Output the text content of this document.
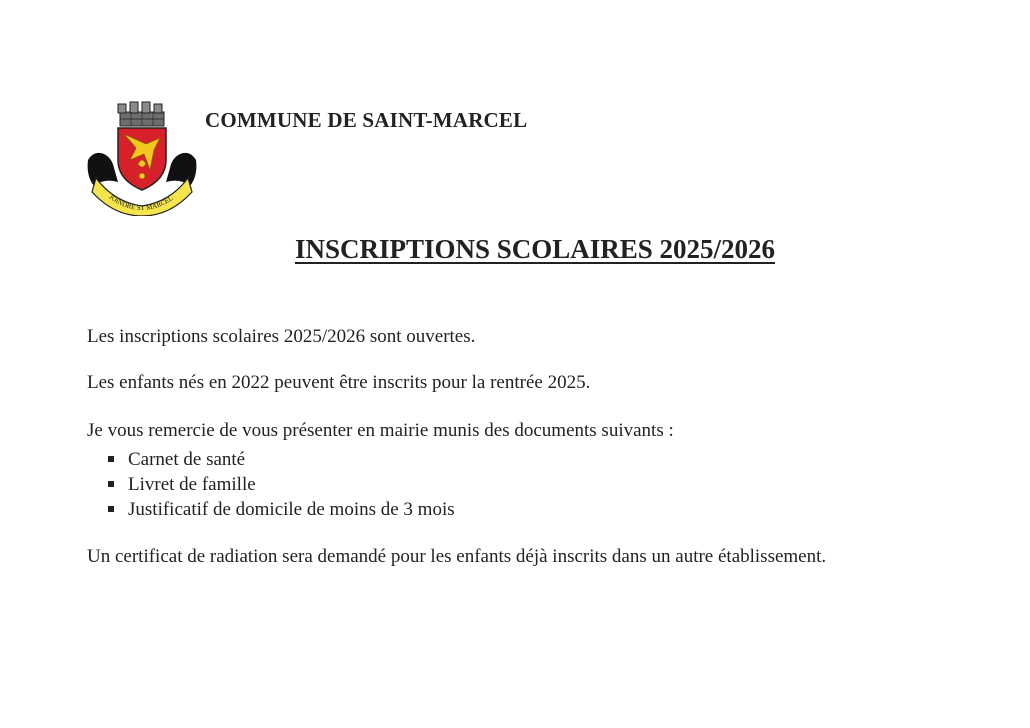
JOINDRE ST MARCEL
COMMUNE DE SAINT-MARCEL
INSCRIPTIONS SCOLAIRES 2025/2026
Les inscriptions scolaires 2025/2026 sont ouvertes.
Les enfants nés en 2022 peuvent être inscrits pour la rentrée 2025.
Je vous remercie de vous présenter en mairie munis des documents suivants :
Carnet de santé
Livret de famille
Justificatif de domicile de moins de 3 mois
Un certificat de radiation sera demandé pour les enfants déjà inscrits dans un autre établissement.
